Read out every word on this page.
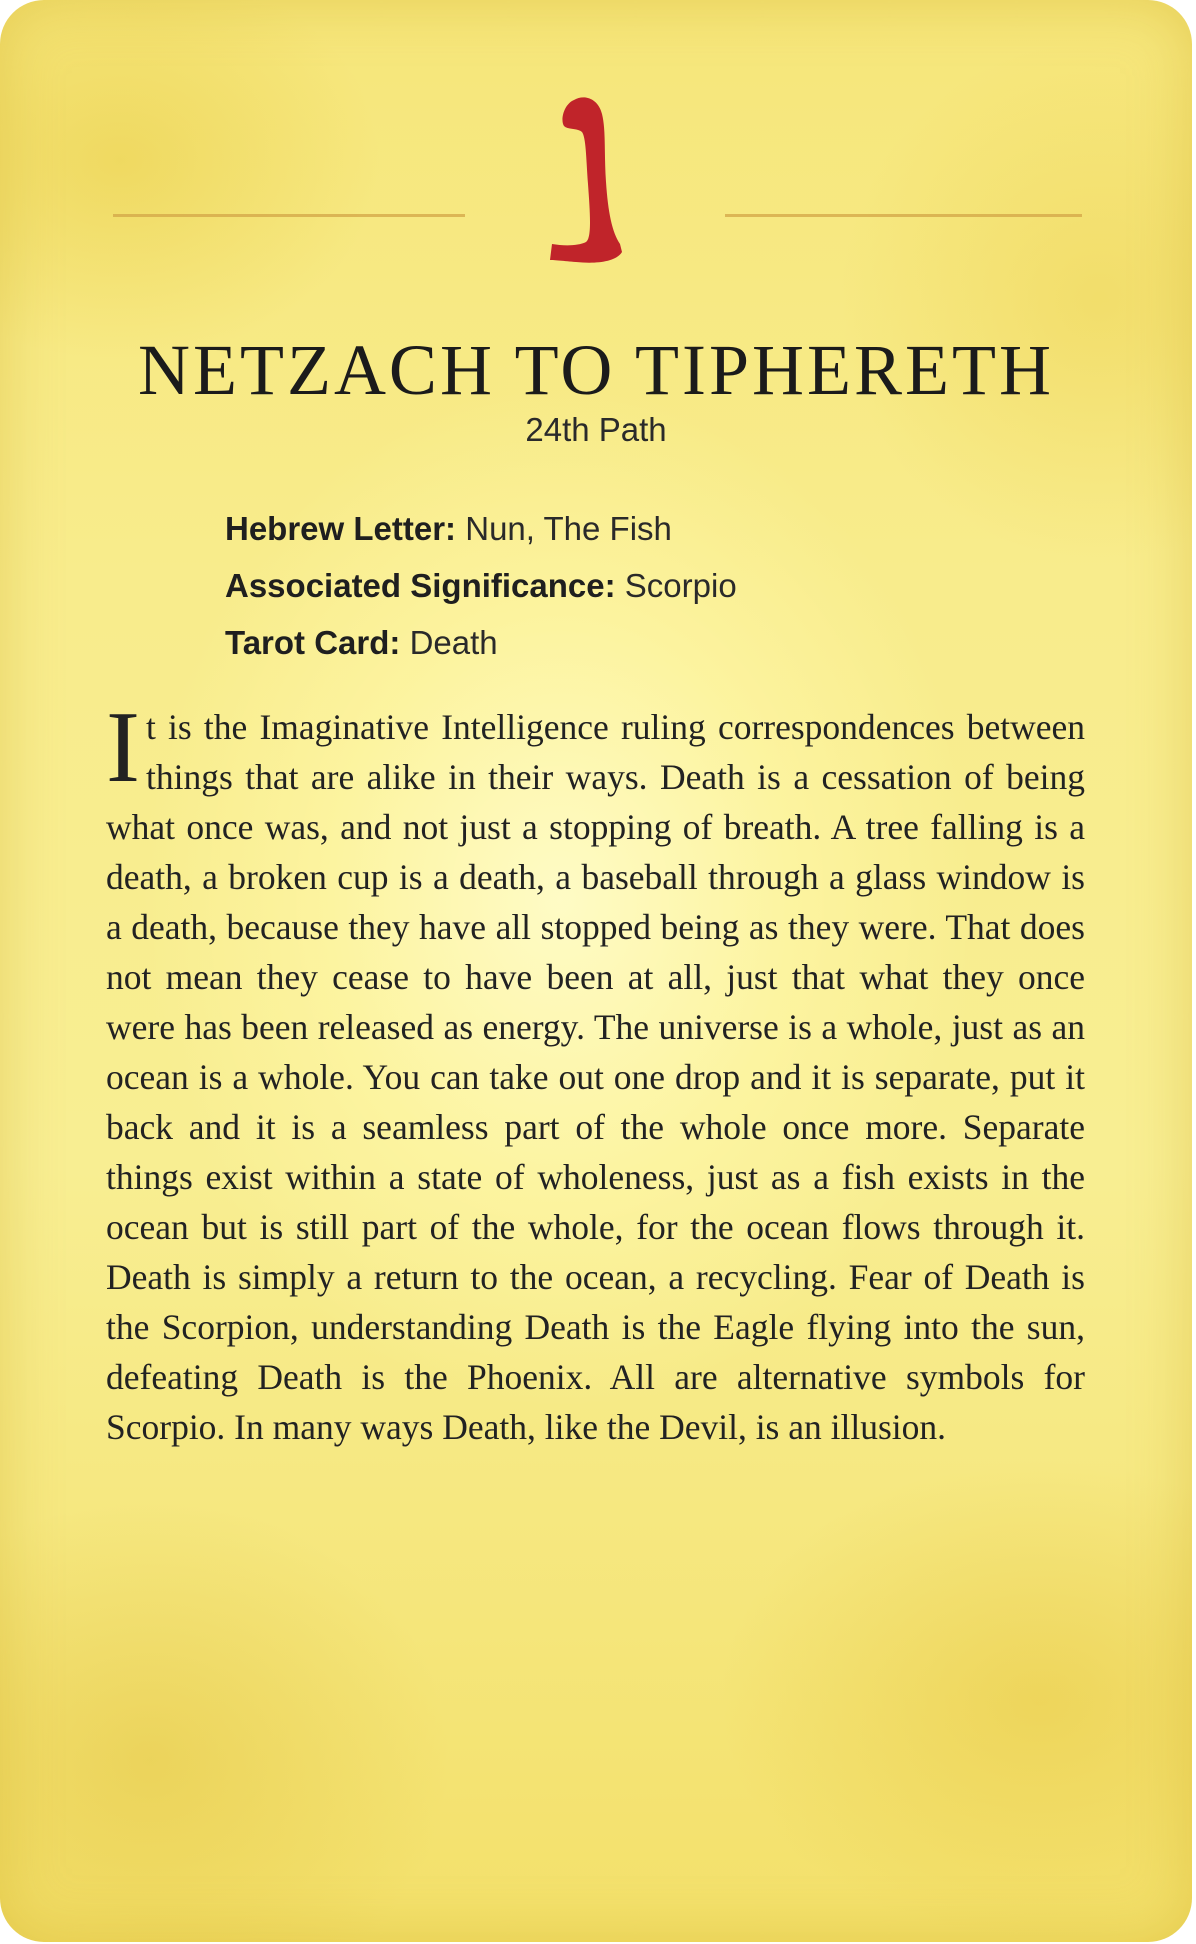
NETZACH TO TIPHERETH
24th Path
Hebrew Letter: Nun, The Fish
Associated Significance: Scorpio
Tarot Card: Death

It is the Imaginative Intelligence ruling correspondences between things that are alike in their ways. Death is a cessation of being what once was, and not just a stopping of breath. A tree falling is a death, a broken cup is a death, a baseball through a glass window is a death, because they have all stopped being as they were. That does not mean they cease to have been at all, just that what they once were has been released as energy. The universe is a whole, just as an ocean is a whole. You can take out one drop and it is separate, put it back and it is a seamless part of the whole once more. Separate things exist within a state of wholeness, just as a fish exists in the ocean but is still part of the whole, for the ocean flows through it. Death is simply a return to the ocean, a recycling. Fear of Death is the Scorpion, understanding Death is the Eagle flying into the sun, defeating Death is the Phoenix. All are alternative symbols for Scorpio. In many ways Death, like the Devil, is an illusion.
